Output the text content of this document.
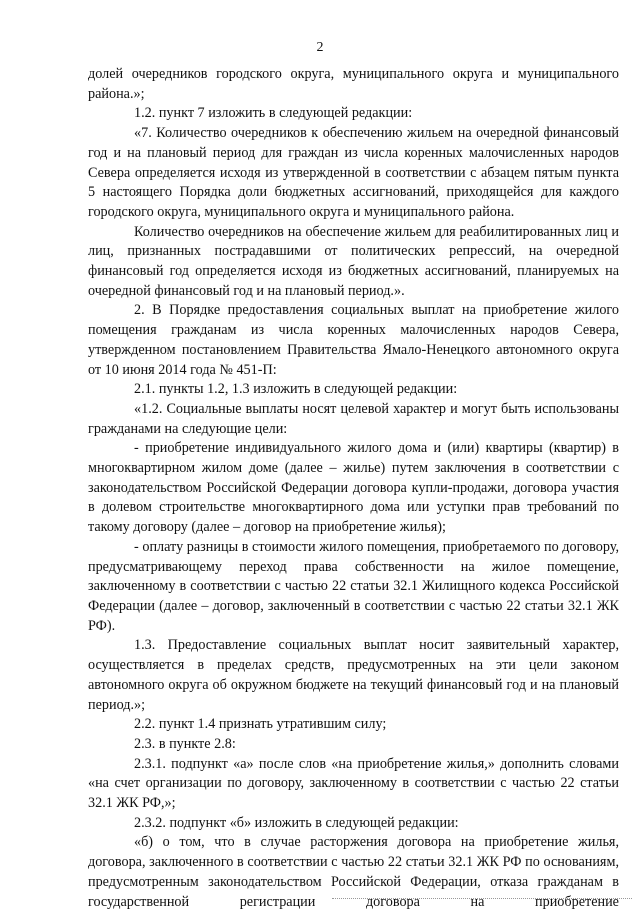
2

долей очередников городского округа, муниципального округа и муниципального района.»;

1.2. пункт 7 изложить в следующей редакции:

«7. Количество очередников к обеспечению жильем на очередной финансовый год и на плановый период для граждан из числа коренных малочисленных народов Севера определяется исходя из утвержденной в соответствии с абзацем пятым пункта 5 настоящего Порядка доли бюджетных ассигнований, приходящейся для каждого городского округа, муниципального округа и муниципального района.

Количество очередников на обеспечение жильем для реабилитированных лиц и лиц, признанных пострадавшими от политических репрессий, на очередной финансовый год определяется исходя из бюджетных ассигнований, планируемых на очередной финансовый год и на плановый период.».

2. В Порядке предоставления социальных выплат на приобретение жилого помещения гражданам из числа коренных малочисленных народов Севера, утвержденном постановлением Правительства Ямало-Ненецкого автономного округа от 10 июня 2014 года № 451-П:

2.1. пункты 1.2, 1.3 изложить в следующей редакции:

«1.2. Социальные выплаты носят целевой характер и могут быть использованы гражданами на следующие цели:

- приобретение индивидуального жилого дома и (или) квартиры (квартир) в многоквартирном жилом доме (далее – жилье) путем заключения в соответствии с законодательством Российской Федерации договора купли-продажи, договора участия в долевом строительстве многоквартирного дома или уступки прав требований по такому договору (далее – договор на приобретение жилья);

- оплату разницы в стоимости жилого помещения, приобретаемого по договору, предусматривающему переход права собственности на жилое помещение, заключенному в соответствии с частью 22 статьи 32.1 Жилищного кодекса Российской Федерации (далее – договор, заключенный в соответствии с частью 22 статьи 32.1 ЖК РФ).

1.3. Предоставление социальных выплат носит заявительный характер, осуществляется в пределах средств, предусмотренных на эти цели законом автономного округа об окружном бюджете на текущий финансовый год и на плановый период.»;

2.2. пункт 1.4 признать утратившим силу;

2.3. в пункте 2.8:

2.3.1. подпункт «а» после слов «на приобретение жилья,» дополнить словами «на счет организации по договору, заключенному в соответствии с частью 22 статьи 32.1 ЖК РФ,»;

2.3.2. подпункт «б» изложить в следующей редакции:

«б) о том, что в случае расторжения договора на приобретение жилья, договора, заключенного в соответствии с частью 22 статьи 32.1 ЖК РФ по основаниям, предусмотренным законодательством Российской Федерации, отказа гражданам в государственной регистрации договора на приобретение
